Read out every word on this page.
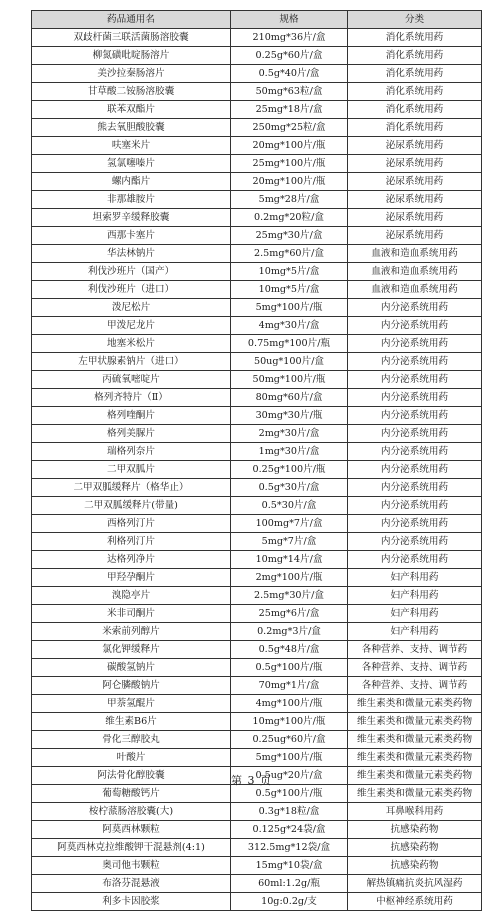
药品通用名	规格	分类
双歧杆菌三联活菌肠溶胶囊	210mg*36片/盒	消化系统用药
柳氮磺吡啶肠溶片	0.25g*60片/盒	消化系统用药
美沙拉秦肠溶片	0.5g*40片/盒	消化系统用药
甘草酸二铵肠溶胶囊	50mg*63粒/盒	消化系统用药
联苯双酯片	25mg*18片/盒	消化系统用药
熊去氧胆酸胶囊	250mg*25粒/盒	消化系统用药
呋塞米片	20mg*100片/瓶	泌尿系统用药
氢氯噻嗪片	25mg*100片/瓶	泌尿系统用药
螺内酯片	20mg*100片/瓶	泌尿系统用药
非那雄胺片	5mg*28片/盒	泌尿系统用药
坦索罗辛缓释胶囊	0.2mg*20粒/盒	泌尿系统用药
西那卡塞片	25mg*30片/盒	泌尿系统用药
华法林钠片	2.5mg*60片/盒	血液和造血系统用药
利伐沙班片（国产）	10mg*5片/盒	血液和造血系统用药
利伐沙班片（进口）	10mg*5片/盒	血液和造血系统用药
泼尼松片	5mg*100片/瓶	内分泌系统用药
甲泼尼龙片	4mg*30片/盒	内分泌系统用药
地塞米松片	0.75mg*100片/瓶	内分泌系统用药
左甲状腺素钠片（进口）	50ug*100片/盒	内分泌系统用药
丙硫氧嘧啶片	50mg*100片/瓶	内分泌系统用药
格列齐特片（Ⅱ）	80mg*60片/盒	内分泌系统用药
格列喹酮片	30mg*30片/瓶	内分泌系统用药
格列美脲片	2mg*30片/盒	内分泌系统用药
瑞格列奈片	1mg*30片/盒	内分泌系统用药
二甲双胍片	0.25g*100片/瓶	内分泌系统用药
二甲双胍缓释片（格华止）	0.5g*30片/盒	内分泌系统用药
二甲双胍缓释片(带量)	0.5*30片/盒	内分泌系统用药
西格列汀片	100mg*7片/盒	内分泌系统用药
利格列汀片	5mg*7片/盒	内分泌系统用药
达格列净片	10mg*14片/盒	内分泌系统用药
甲羟孕酮片	2mg*100片/瓶	妇产科用药
溴隐亭片	2.5mg*30片/盒	妇产科用药
米非司酮片	25mg*6片/盒	妇产科用药
米索前列醇片	0.2mg*3片/盒	妇产科用药
氯化钾缓释片	0.5g*48片/盒	各种营养、支持、调节药
碳酸氢钠片	0.5g*100片/瓶	各种营养、支持、调节药
阿仑膦酸钠片	70mg*1片/盒	各种营养、支持、调节药
甲萘氢醌片	4mg*100片/瓶	维生素类和微量元素类药物
维生素B6片	10mg*100片/瓶	维生素类和微量元素类药物
骨化三醇胶丸	0.25ug*60片/盒	维生素类和微量元素类药物
叶酸片	5mg*100片/瓶	维生素类和微量元素类药物
阿法骨化醇胶囊	0.5ug*20片/盒	维生素类和微量元素类药物
葡萄糖酸钙片	0.5g*100片/瓶	维生素类和微量元素类药物
桉柠蒎肠溶胶囊(大)	0.3g*18粒/盒	耳鼻喉科用药
阿莫西林颗粒	0.125g*24袋/盒	抗感染药物
阿莫西林克拉维酸钾干混悬剂(4:1)	312.5mg*12袋/盒	抗感染药物
奥司他韦颗粒	15mg*10袋/盒	抗感染药物
布洛芬混悬液	60ml:1.2g/瓶	解热镇痛抗炎抗风湿药
利多卡因胶浆	10g:0.2g/支	中枢神经系统用药
第 3 页
